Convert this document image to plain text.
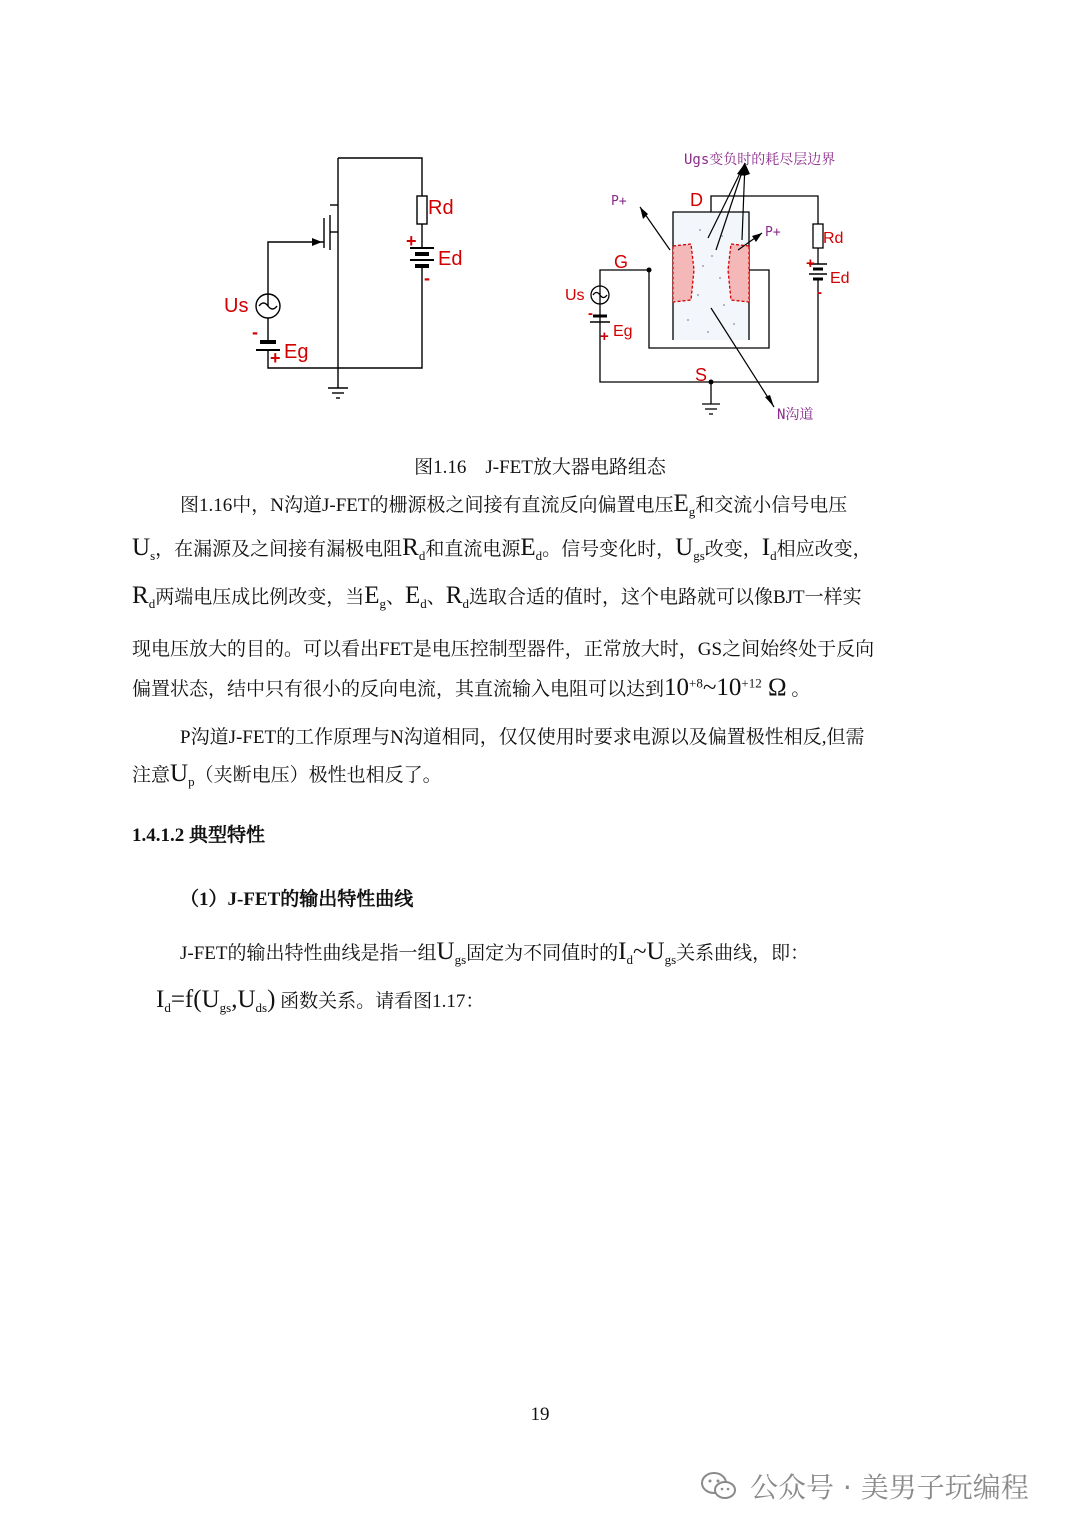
Rd
+
Ed
-
Us
-
Eg
+
Ugs变负时的耗尽层边界
P+
P+
D
G
S
Rd
+
Ed
-
Us
-
Eg
+
N沟道
图1.16　J-FET放大器电路组态
图1.16中，N沟道J-FET的栅源极之间接有直流反向偏置电压$E_g$和交流小信号电压
$U_s$，在漏源及之间接有漏极电阻$R_d$和直流电源$E_d$。信号变化时，$U_{gs}$改变，$I_d$相应改变，
$R_d$两端电压成比例改变，当$E_g$、$E_d$、$R_d$选取合适的值时，这个电路就可以像BJT一样实
现电压放大的目的。可以看出FET是电压控制型器件，正常放大时，GS之间始终处于反向
偏置状态，结中只有很小的反向电流，其直流输入电阻可以达到$10^{+8}\sim 10^{+12}$ Ω 。
P沟道J-FET的工作原理与N沟道相同，仅仅使用时要求电源以及偏置极性相反,但需
注意$U_p$（夹断电压）极性也相反了。
1.4.1.2 典型特性
（1）J-FET的输出特性曲线
J-FET的输出特性曲线是指一组$U_{gs}$固定为不同值时的$I_d\sim U_{gs}$关系曲线，即：
$I_d=f(U_{gs},U_{ds})$ 函数关系。请看图1.17：
19
公众号 · 美男子玩编程
